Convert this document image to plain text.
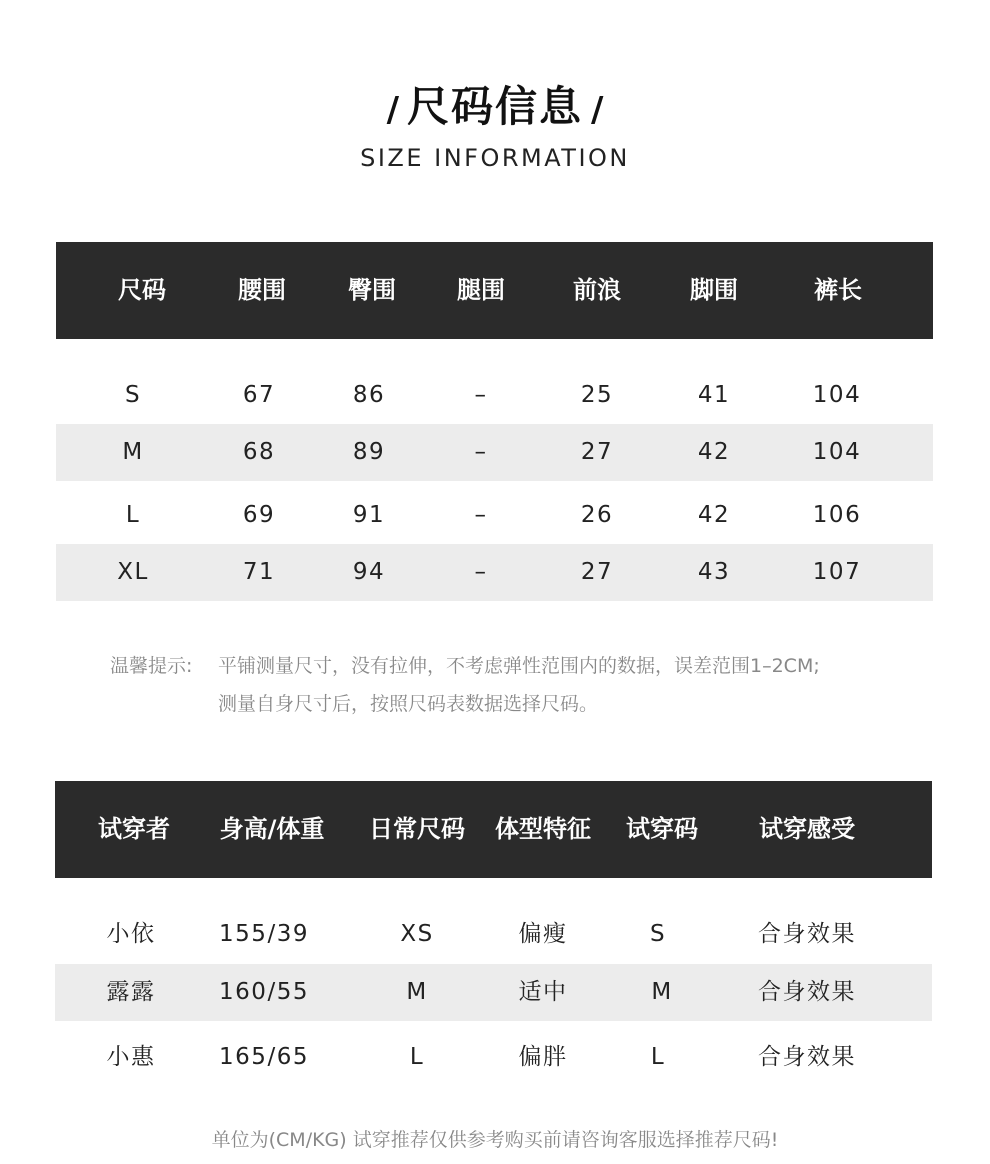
/ 尺码信息 /
SIZE INFORMATION
尺码	腰围	臀围	腿围	前浪	脚围	裤长
S	67	86	–	25	41	104
M	68	89	–	27	42	104
L	69	91	–	26	42	106
XL	71	94	–	27	43	107
温馨提示: 平铺测量尺寸，没有拉伸，不考虑弹性范围内的数据，误差范围1–2CM;
测量自身尺寸后，按照尺码表数据选择尺码。
试穿者 身高/体重 日常尺码 体型特征 试穿码	试穿感受
小依	155/39	XS	偏瘦	S	合身效果
露露	160/55	M	适中	M	合身效果
小惠	165/65	L	偏胖	L	合身效果
单位为(CM/KG) 试穿推荐仅供参考购买前请咨询客服选择推荐尺码!
